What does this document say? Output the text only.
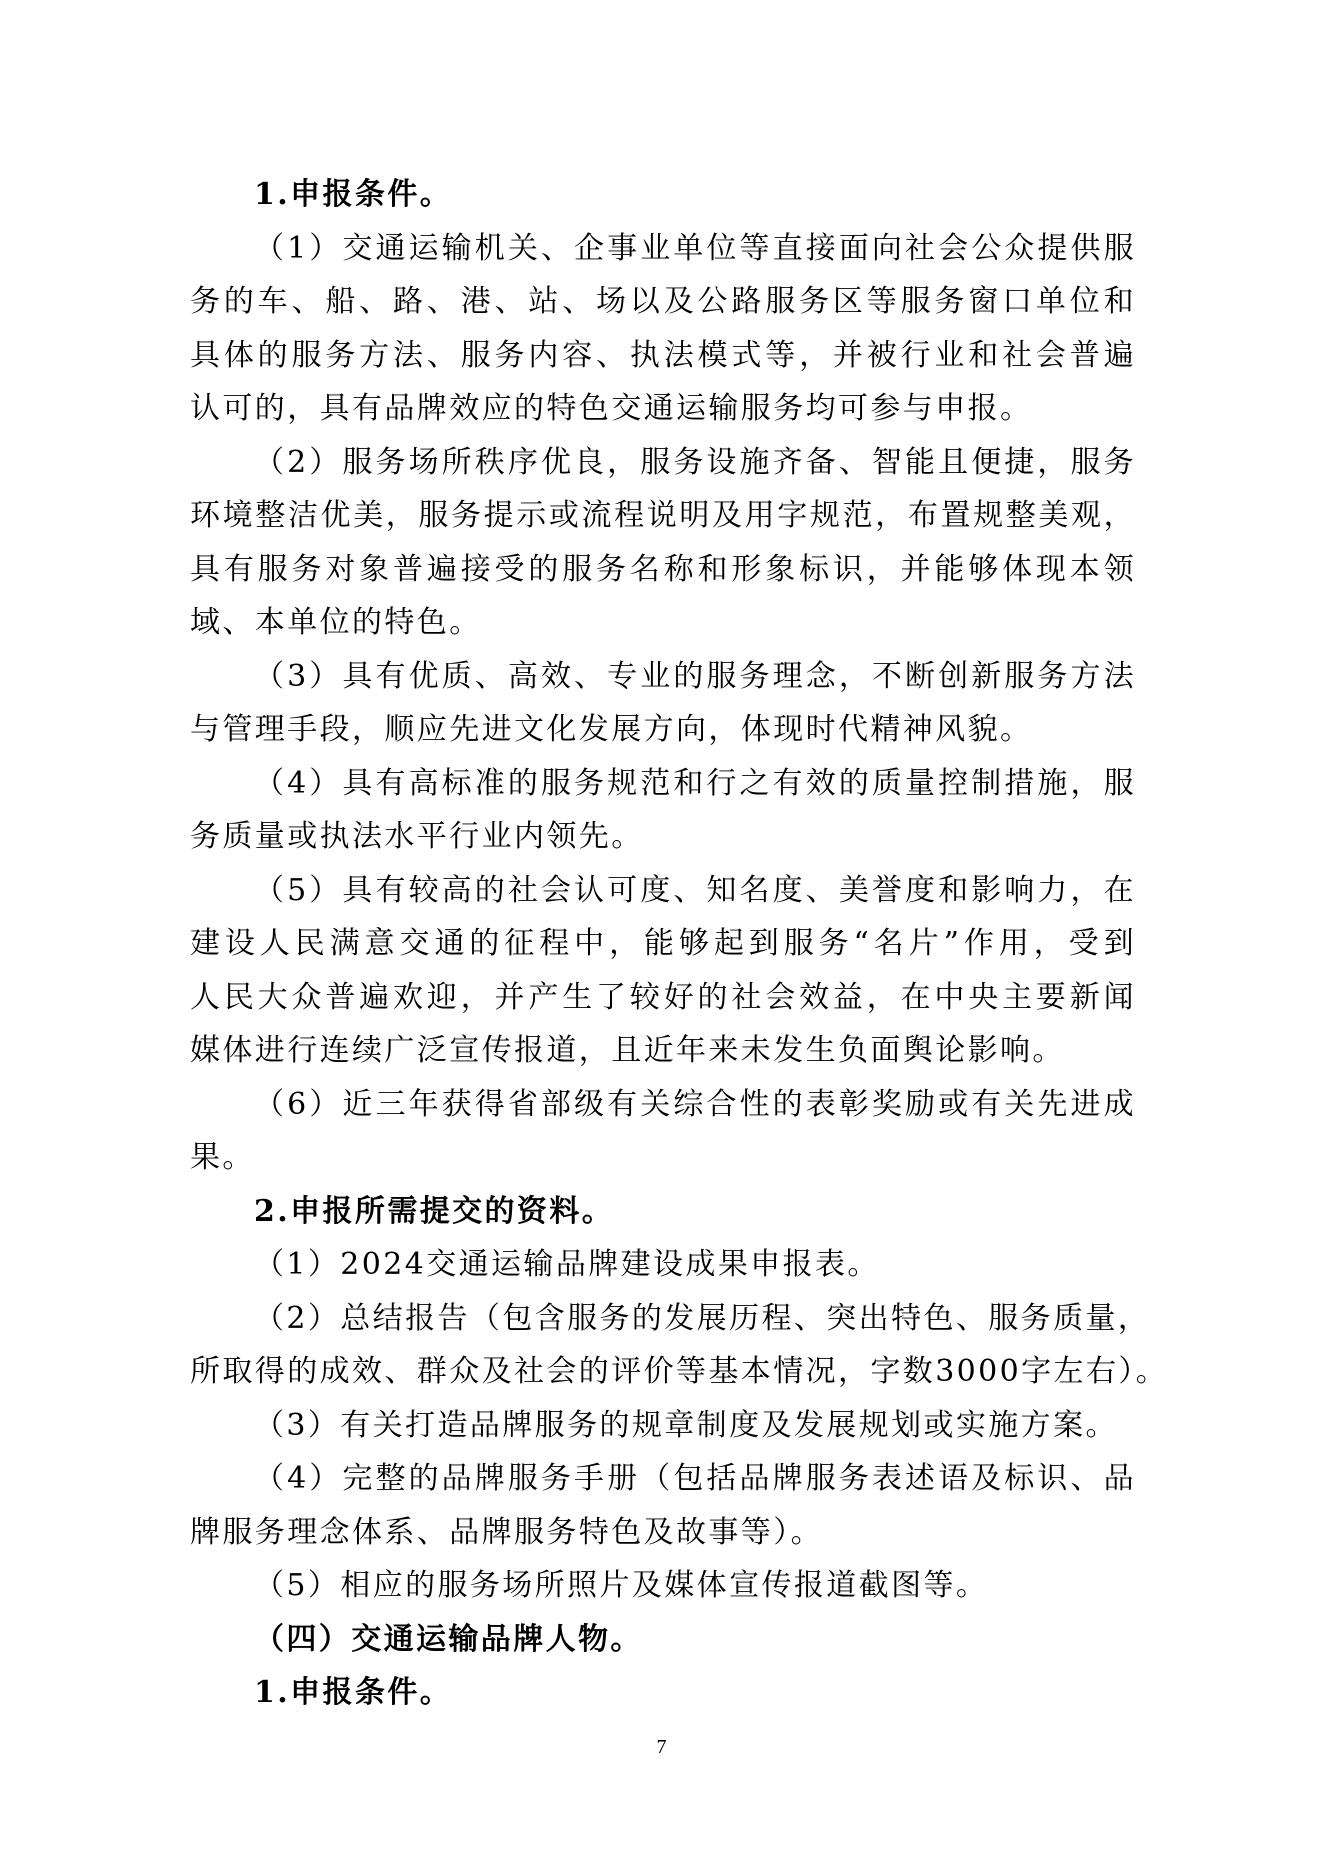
1.申报条件。
（1）交通运输机关、企事业单位等直接面向社会公众提供服
务的车、船、路、港、站、场以及公路服务区等服务窗口单位和
具体的服务方法、服务内容、执法模式等，并被行业和社会普遍
认可的，具有品牌效应的特色交通运输服务均可参与申报。
（2）服务场所秩序优良，服务设施齐备、智能且便捷，服务
环境整洁优美，服务提示或流程说明及用字规范，布置规整美观，
具有服务对象普遍接受的服务名称和形象标识，并能够体现本领
域、本单位的特色。
（3）具有优质、高效、专业的服务理念，不断创新服务方法
与管理手段，顺应先进文化发展方向，体现时代精神风貌。
（4）具有高标准的服务规范和行之有效的质量控制措施，服
务质量或执法水平行业内领先。
（5）具有较高的社会认可度、知名度、美誉度和影响力，在
建设人民满意交通的征程中，能够起到服务“名片”作用，受到
人民大众普遍欢迎，并产生了较好的社会效益，在中央主要新闻
媒体进行连续广泛宣传报道，且近年来未发生负面舆论影响。
（6）近三年获得省部级有关综合性的表彰奖励或有关先进成
果。
2.申报所需提交的资料。
（1）2024交通运输品牌建设成果申报表。
（2）总结报告（包含服务的发展历程、突出特色、服务质量，
所取得的成效、群众及社会的评价等基本情况，字数3000字左右）。
（3）有关打造品牌服务的规章制度及发展规划或实施方案。
（4）完整的品牌服务手册（包括品牌服务表述语及标识、品
牌服务理念体系、品牌服务特色及故事等）。
（5）相应的服务场所照片及媒体宣传报道截图等。
（四）交通运输品牌人物。
1.申报条件。
7
